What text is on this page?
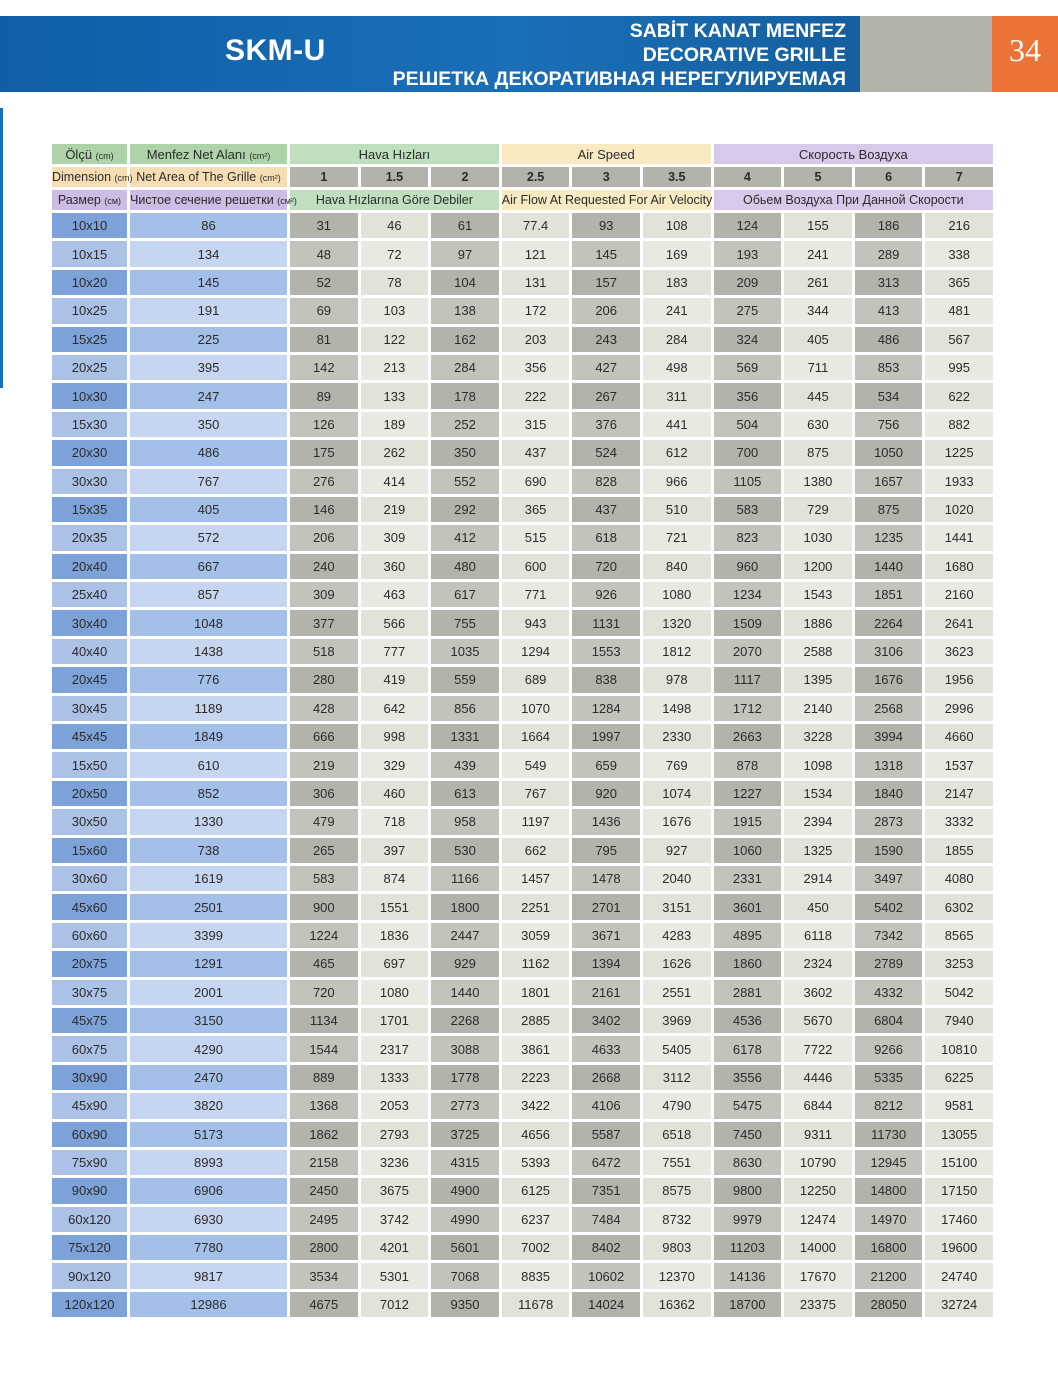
SKM-U
SABİT KANAT MENFEZ
DECORATIVE GRILLE
РЕШЕТКА ДЕКОРАТИВНАЯ НЕРЕГУЛИРУЕМАЯ
34
Ölçü (cm)	Menfez Net Alanı (cm²)	Hava Hızları			Air Speed			Скорость Воздуха			
Dimension (cm)	Net Area of The Grille (cm²)	1	1.5	2	2.5	3	3.5	4	5	6	7
Размер (см)	Чистое сечение решетки (см²)	Hava Hızlarına Göre Debiler			Air Flow At Requested For Air Velocity			Обьем Воздуха При Данной Скорости			
10x10	86	31	46	61	77.4	93	108	124	155	186	216
10x15	134	48	72	97	121	145	169	193	241	289	338
10x20	145	52	78	104	131	157	183	209	261	313	365
10x25	191	69	103	138	172	206	241	275	344	413	481
15x25	225	81	122	162	203	243	284	324	405	486	567
20x25	395	142	213	284	356	427	498	569	711	853	995
10x30	247	89	133	178	222	267	311	356	445	534	622
15x30	350	126	189	252	315	376	441	504	630	756	882
20x30	486	175	262	350	437	524	612	700	875	1050	1225
30x30	767	276	414	552	690	828	966	1105	1380	1657	1933
15x35	405	146	219	292	365	437	510	583	729	875	1020
20x35	572	206	309	412	515	618	721	823	1030	1235	1441
20x40	667	240	360	480	600	720	840	960	1200	1440	1680
25x40	857	309	463	617	771	926	1080	1234	1543	1851	2160
30x40	1048	377	566	755	943	1131	1320	1509	1886	2264	2641
40x40	1438	518	777	1035	1294	1553	1812	2070	2588	3106	3623
20x45	776	280	419	559	689	838	978	1117	1395	1676	1956
30x45	1189	428	642	856	1070	1284	1498	1712	2140	2568	2996
45x45	1849	666	998	1331	1664	1997	2330	2663	3228	3994	4660
15x50	610	219	329	439	549	659	769	878	1098	1318	1537
20x50	852	306	460	613	767	920	1074	1227	1534	1840	2147
30x50	1330	479	718	958	1197	1436	1676	1915	2394	2873	3332
15x60	738	265	397	530	662	795	927	1060	1325	1590	1855
30x60	1619	583	874	1166	1457	1478	2040	2331	2914	3497	4080
45x60	2501	900	1551	1800	2251	2701	3151	3601	450	5402	6302
60x60	3399	1224	1836	2447	3059	3671	4283	4895	6118	7342	8565
20x75	1291	465	697	929	1162	1394	1626	1860	2324	2789	3253
30x75	2001	720	1080	1440	1801	2161	2551	2881	3602	4332	5042
45x75	3150	1134	1701	2268	2885	3402	3969	4536	5670	6804	7940
60x75	4290	1544	2317	3088	3861	4633	5405	6178	7722	9266	10810
30x90	2470	889	1333	1778	2223	2668	3112	3556	4446	5335	6225
45x90	3820	1368	2053	2773	3422	4106	4790	5475	6844	8212	9581
60x90	5173	1862	2793	3725	4656	5587	6518	7450	9311	11730	13055
75x90	8993	2158	3236	4315	5393	6472	7551	8630	10790	12945	15100
90x90	6906	2450	3675	4900	6125	7351	8575	9800	12250	14800	17150
60x120	6930	2495	3742	4990	6237	7484	8732	9979	12474	14970	17460
75x120	7780	2800	4201	5601	7002	8402	9803	11203	14000	16800	19600
90x120	9817	3534	5301	7068	8835	10602	12370	14136	17670	21200	24740
120x120	12986	4675	7012	9350	11678	14024	16362	18700	23375	28050	32724
